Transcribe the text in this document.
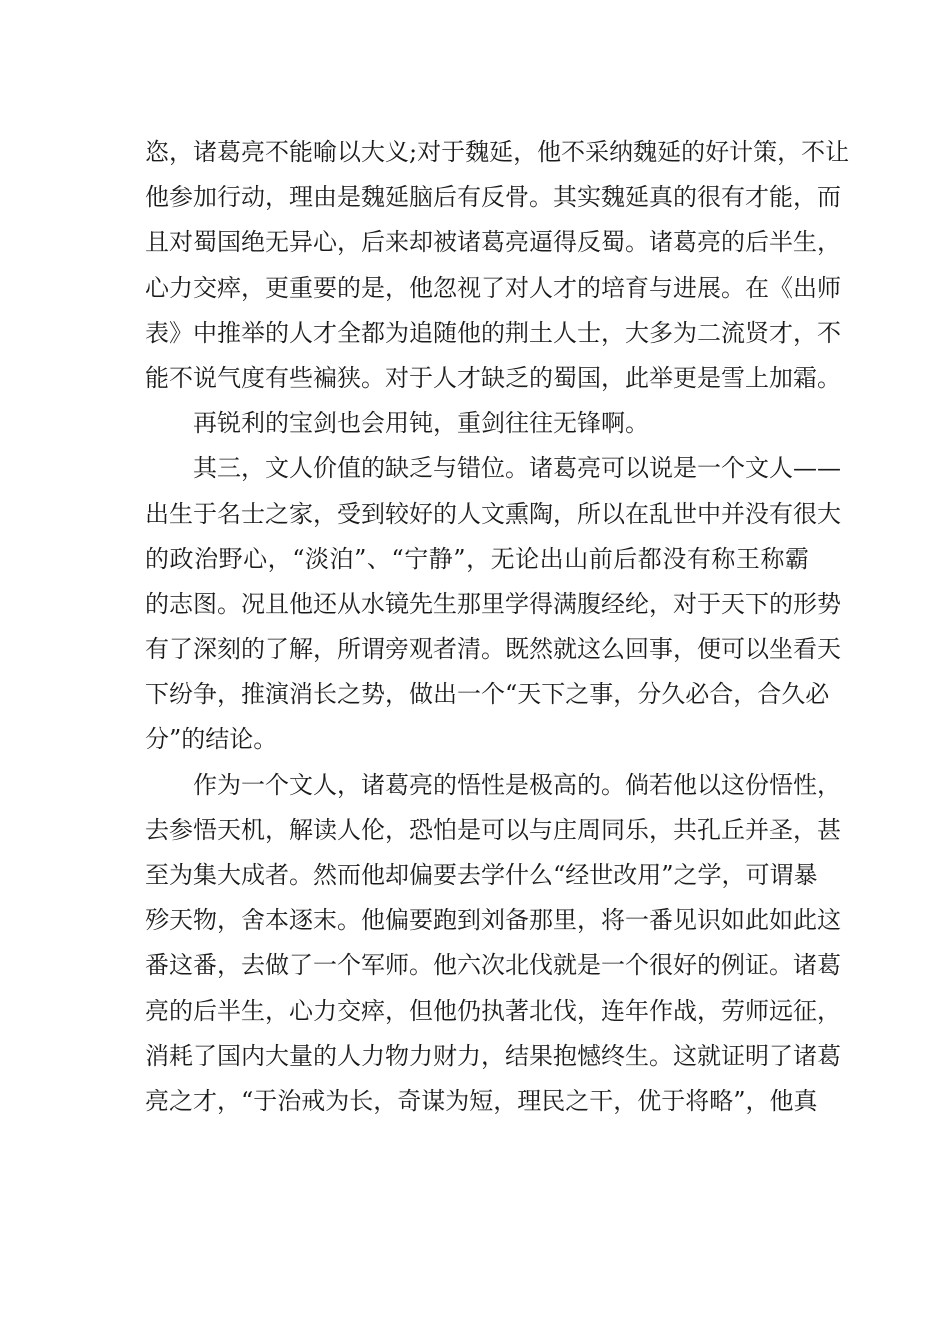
恣，诸葛亮不能喻以大义;对于魏延，他不采纳魏延的好计策，不让
他参加行动，理由是魏延脑后有反骨。其实魏延真的很有才能，而
且对蜀国绝无异心，后来却被诸葛亮逼得反蜀。诸葛亮的后半生，
心力交瘁，更重要的是，他忽视了对人才的培育与进展。在《出师
表》中推举的人才全都为追随他的荆土人士，大多为二流贤才，不
能不说气度有些褊狭。对于人才缺乏的蜀国，此举更是雪上加霜。
再锐利的宝剑也会用钝，重剑往往无锋啊。
其三，文人价值的缺乏与错位。诸葛亮可以说是一个文人——
出生于名士之家，受到较好的人文熏陶，所以在乱世中并没有很大
的政治野心，“淡泊”、“宁静”，无论出山前后都没有称王称霸
的志图。况且他还从水镜先生那里学得满腹经纶，对于天下的形势
有了深刻的了解，所谓旁观者清。既然就这么回事，便可以坐看天
下纷争，推演消长之势，做出一个“天下之事，分久必合，合久必
分”的结论。
作为一个文人，诸葛亮的悟性是极高的。倘若他以这份悟性，
去参悟天机，解读人伦，恐怕是可以与庄周同乐，共孔丘并圣，甚
至为集大成者。然而他却偏要去学什么“经世改用”之学，可谓暴
殄天物，舍本逐末。他偏要跑到刘备那里，将一番见识如此如此这
番这番，去做了一个军师。他六次北伐就是一个很好的例证。诸葛
亮的后半生，心力交瘁，但他仍执著北伐，连年作战，劳师远征，
消耗了国内大量的人力物力财力，结果抱憾终生。这就证明了诸葛
亮之才，“于治戒为长，奇谋为短，理民之干，优于将略”，他真
